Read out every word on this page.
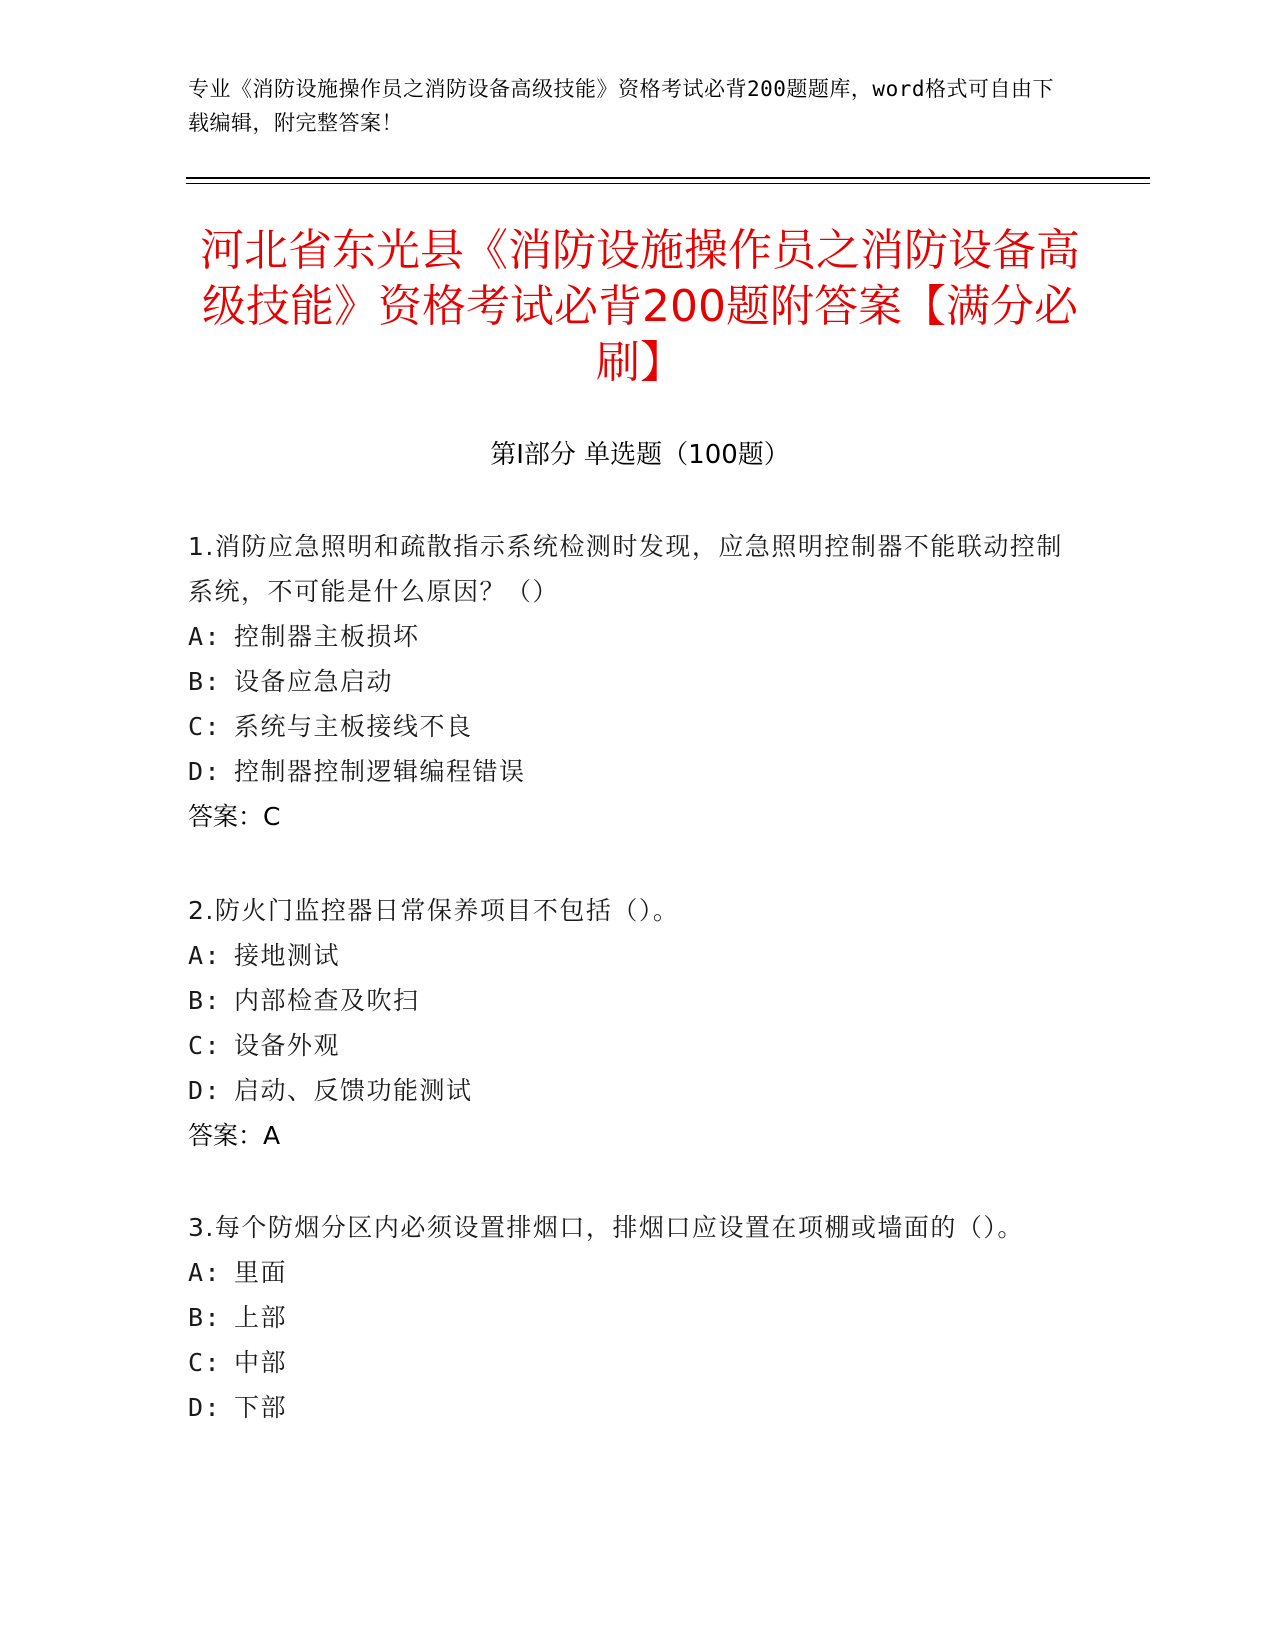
专业《消防设施操作员之消防设备高级技能》资格考试必背200题题库，word格式可自由下载编辑，附完整答案！

河北省东光县《消防设施操作员之消防设备高级技能》资格考试必背200题附答案【满分必刷】
第Ⅰ部分 单选题（100题）

1.消防应急照明和疏散指示系统检测时发现，应急照明控制器不能联动控制系统，不可能是什么原因？（）

A: 控制器主板损坏

B: 设备应急启动

C: 系统与主板接线不良

D: 控制器控制逻辑编程错误

答案：C

2.防火门监控器日常保养项目不包括（）。

A: 接地测试

B: 内部检查及吹扫

C: 设备外观

D: 启动、反馈功能测试

答案：A

3.每个防烟分区内必须设置排烟口，排烟口应设置在项棚或墙面的（）。

A: 里面

B: 上部

C: 中部

D: 下部
